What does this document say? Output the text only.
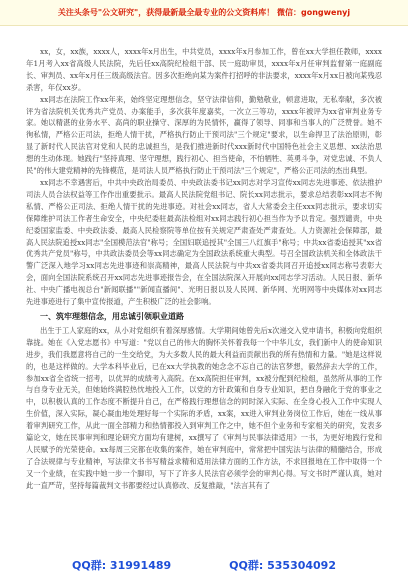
关注头条号"公文研究"，获得最新最全最专业的公文资料库！ 微信：gongwenyj

xx，女，xx族，xxxx人，xxxx年x月出生，中共党员，xxxx年x月参加工作，曾在xx大学担任教师，xxxx年1月考入xx省高级人民法院，先后任xx高院纪检组干部、民一庭助审员，xxxx年x月任审判监督第一庭副庭长、审判员、xx年x月任三级高级法官。因多次拒绝向某为案件打招呼的非法要求，xxxx年x月xx日被向某残忍杀害，年仅xx岁。

xx同志在法院工作xx年来，始终坚定理想信念，坚守法律信仰，勤勉敬业，顿意进取，无私奉献，多次被评为省法院机关优秀共产党员、办案能手，多次获年度嘉奖，一次立三等功，xxxx年被评为xx省审判业务专家。她以精湛的业务水平、高尚的职业操守、深厚的为民情怀，赢得了领导、同事和当事人的广泛赞誉。她不徇私情，严格公正司法，拒绝人情干扰，严格执行防止干预司法"三个规定"要求，以生命捍卫了法治原则，彰显了新时代人民法官对党和人民的忠诚担当，是我们推进新时代xxx新时代中国特色社会主义思想、xx法治思想的生动体现。她践行"坚持真理、坚守理想，践行初心、担当使命，不怕牺牲、英勇斗争，对党忠诚、不负人民"的伟大建党精神的先锋模范，是司法人员严格执行防止干预司法"三个规定"，严格公正司法的杰出典型。

xx同志不幸遇害后，中共中央政治局委员、中央政法委书记xx同志对学习宣传xx同志先进事迹、依法推护司法人员合法权益等工作作出重要批示。最高人民法院党组书记、院长xx同志批示，要求总结表彰xx同志不徇私情、严格公正司法、拒绝人情干扰的先进事迹。对社会xx同志，省人大常委会主任xxx同志批示，要求切实保障维护司法工作者生命安全，中央纪委驻最高法检组对xx同志践行初心担当作为予以肯定。强烈谴责，中央纪委国家监委、中央政法委、最高人民检察院等单位按有关规定严肃查处严肃查处。人力资源社会保障部，最高人民法院追授xx同志"全国模范法官"称号；全国妇联追授其"全国三八红旗手"称号；中共xx省委追授其"xx省优秀共产党员"称号，中共政法委员会等xx同志确定为全国政法系统重大典型。号召全国政法机关和全体政法干警广泛深入地学习xx同志先进事迹和崇高精神，最高人民法院与中共xx省委共同召开追授xx同志称号表彰大会，面向全国法院系统召开xx同志先进事迹报告会，在全国法院深入开展向xx同志学习活动。人民日报、新华社、中央广播电视总台"新闻联播""新闻直播间"、光明日报以及人民网、新华网、光明网等中央媒体对xx同志先进事迹进行了集中宣传报道，产生积极广泛的社会影响。

一、筑牢理想信念，用忠诚引领职业道路

出生于工人家庭的xx，从小对党组织有着深厚感情。大学期间她曾先后x次递交入党申请书，积极向党组织靠拢。她在《入党志愿书》中写道："党以自己的伟大的胸怀关怀着我每一个中华儿女，我们新中人的使命知识进步，我们我愿意将自己的一生交给党，为大多数人民的最大利益而贡献出我的所有热情和力量。"她是这样说的，也是这样做的。大学本科毕业后，已在xx大学执教的她念念不忘自己的法官梦想，毅然辞去大学的工作，参加xx省全省统一招考，以优异的成绩考入高院。在xx高院担任审判，xx被分配到纪检组，虽然所从事的工作与自身专业无关，但她始终满腔热忱地投入工作，以党的方针政策和自身专业知识，把自身融化于党的事业之中，以积极认真的工作态度不断提升自己，在严格践行理想信念的同时深入实际、在全身心投入工作中实现人生价值，深入实际，凝心凝血地处理好每一个实际的矛盾，xx案，xx进入审判业务岗位工作后，她在一线从事着审判研究工作，从此一面全部精力和热情都投入到审判工作之中，她不但个业务和专家相关的研究，发表多篇论文，她在民事审判和理论研究方面均有建树，xx撰写了《审判与民事法律适用》一书，为更好地践行党和人民赋予的光荣使命。xx每周三完都在收集的案件，她在审判庭中，常常把中国宪法与法律的精髓结合，形成了合法规律与专业精神，写法律文书书写精益求精和适用法律方面的工作方法，不求回报地在工作中取得一个又一个业绩，在实践中她一步一个脚印，写下了许多人民法官必须学会的审判心得。写文书时严谨认真，她对此一直严苛，坚持每篇裁判文书都要经过认真修改、反复推敲，"法言其有了

QQ群: 31991489	QQ群: 535304092
